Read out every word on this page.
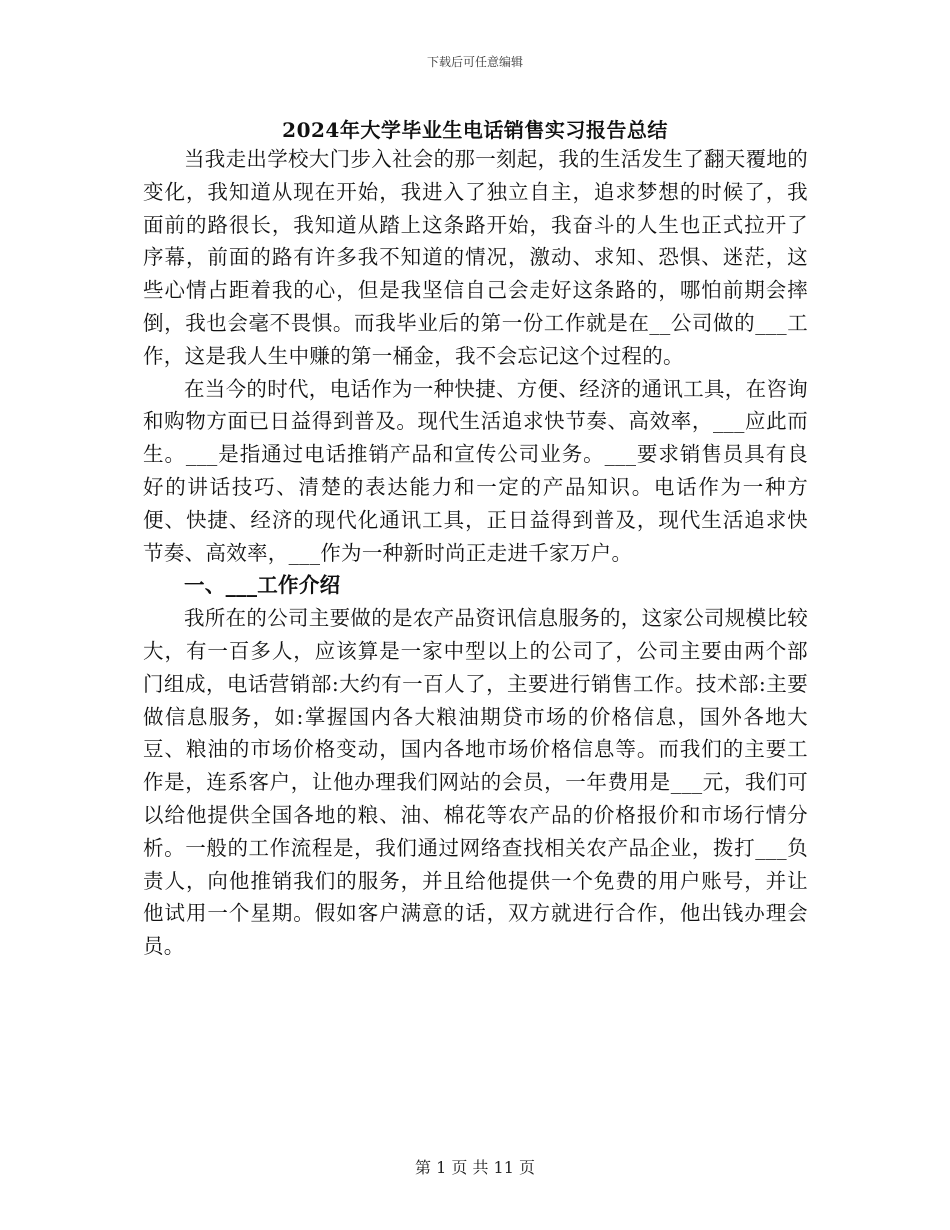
下载后可任意编辑
2024年大学毕业生电话销售实习报告总结

当我走出学校大门步入社会的那一刻起，我的生活发生了翻天覆地的变化，我知道从现在开始，我进入了独立自主，追求梦想的时候了，我面前的路很长，我知道从踏上这条路开始，我奋斗的人生也正式拉开了序幕，前面的路有许多我不知道的情况，激动、求知、恐惧、迷茫，这些心情占距着我的心，但是我坚信自己会走好这条路的，哪怕前期会摔倒，我也会毫不畏惧。而我毕业后的第一份工作就是在__公司做的___工作，这是我人生中赚的第一桶金，我不会忘记这个过程的。

在当今的时代，电话作为一种快捷、方便、经济的通讯工具，在咨询和购物方面已日益得到普及。现代生活追求快节奏、高效率，___应此而生。___是指通过电话推销产品和宣传公司业务。___要求销售员具有良好的讲话技巧、清楚的表达能力和一定的产品知识。电话作为一种方便、快捷、经济的现代化通讯工具，正日益得到普及，现代生活追求快节奏、高效率，___作为一种新时尚正走进千家万户。

一、___工作介绍

我所在的公司主要做的是农产品资讯信息服务的，这家公司规模比较大，有一百多人，应该算是一家中型以上的公司了，公司主要由两个部门组成，电话营销部:大约有一百人了，主要进行销售工作。技术部:主要做信息服务，如:掌握国内各大粮油期贷市场的价格信息，国外各地大豆、粮油的市场价格变动，国内各地市场价格信息等。而我们的主要工作是，连系客户，让他办理我们网站的会员，一年费用是___元，我们可以给他提供全国各地的粮、油、棉花等农产品的价格报价和市场行情分析。一般的工作流程是，我们通过网络查找相关农产品企业，拨打___负责人，向他推销我们的服务，并且给他提供一个免费的用户账号，并让他试用一个星期。假如客户满意的话，双方就进行合作，他出钱办理会员。

第 1 页 共 11 页
